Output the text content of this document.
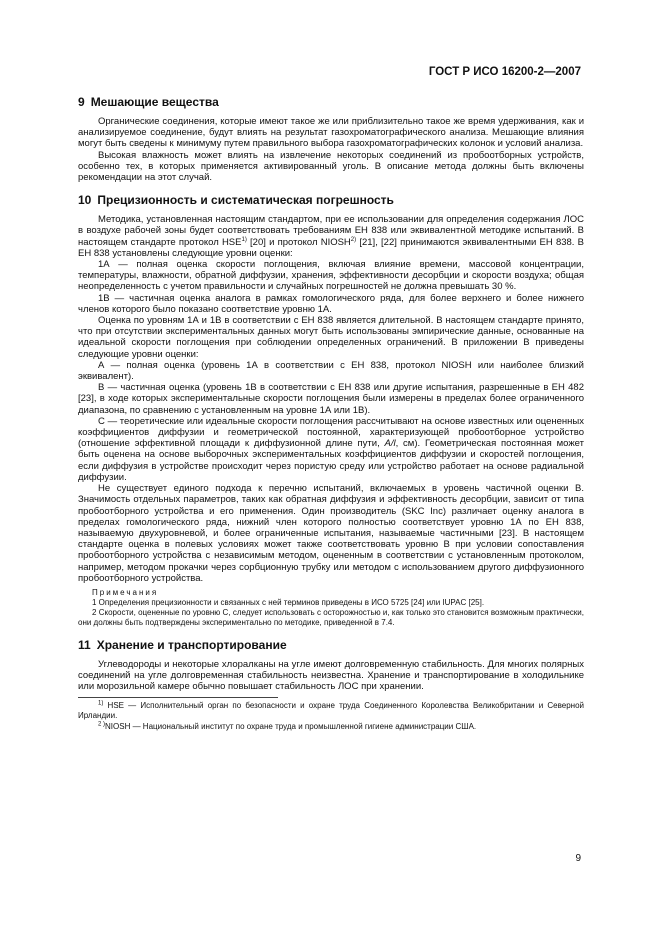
ГОСТ Р ИСО 16200-2—2007
9 Мешающие вещества

Органические соединения, которые имеют такое же или приблизительно такое же время удерживания, как и анализируемое соединение, будут влиять на результат газохроматографического анализа. Мешающие влияния могут быть сведены к минимуму путем правильного выбора газохроматографических колонок и условий анализа.

Высокая влажность может влиять на извлечение некоторых соединений из пробоотборных устройств, особенно тех, в которых применяется активированный уголь. В описание метода должны быть включены рекомендации на этот случай.

10 Прецизионность и систематическая погрешность

Методика, установленная настоящим стандартом, при ее использовании для определения содержания ЛОС в воздухе рабочей зоны будет соответствовать требованиям ЕН 838 или эквивалентной методике испытаний. В настоящем стандарте протокол HSE$^{1)}$ [20] и протокол NIOSH$^{2)}$ [21], [22] принимаются эквивалентными ЕН 838. В ЕН 838 установлены следующие уровни оценки:

1А — полная оценка скорости поглощения, включая влияние времени, массовой концентрации, температуры, влажности, обратной диффузии, хранения, эффективности десорбции и скорости воздуха; общая неопределенность с учетом правильности и случайных погрешностей не должна превышать 30 %.

1В — частичная оценка аналога в рамках гомологического ряда, для более верхнего и более нижнего членов которого было показано соответствие уровню 1А.

Оценка по уровням 1А и 1В в соответствии с ЕН 838 является длительной. В настоящем стандарте принято, что при отсутствии экспериментальных данных могут быть использованы эмпирические данные, основанные на идеальной скорости поглощения при соблюдении определенных ограничений. В приложении В приведены следующие уровни оценки:

А — полная оценка (уровень 1А в соответствии с ЕН 838, протокол NIOSH или наиболее близкий эквивалент).

В — частичная оценка (уровень 1В в соответствии с ЕН 838 или другие испытания, разрешенные в ЕН 482 [23], в ходе которых экспериментальные скорости поглощения были измерены в пределах более ограниченного диапазона, по сравнению с установленным на уровне 1А или 1В).

С — теоретические или идеальные скорости поглощения рассчитывают на основе известных или оцененных коэффициентов диффузии и геометрической постоянной, характеризующей пробоотборное устройство (отношение эффективной площади к диффузионной длине пути, A/l, см). Геометрическая постоянная может быть оценена на основе выборочных экспериментальных коэффициентов диффузии и скоростей поглощения, если диффузия в устройстве происходит через пористую среду или устройство работает на основе радиальной диффузии.

Не существует единого подхода к перечню испытаний, включаемых в уровень частичной оценки В. Значимость отдельных параметров, таких как обратная диффузия и эффективность десорбции, зависит от типа пробоотборного устройства и его применения. Один производитель (SKC Inc) различает оценку аналога в пределах гомологического ряда, нижний член которого полностью соответствует уровню 1А по ЕН 838, называемую двухуровневой, и более ограниченные испытания, называемые частичными [23]. В настоящем стандарте оценка в полевых условиях может также соответствовать уровню В при условии сопоставления пробоотборного устройства с независимым методом, оцененным в соответствии с установленным протоколом, например, методом прокачки через сорбционную трубку или методом с использованием другого диффузионного пробоотборного устройства.

Примечания

1 Определения прецизионности и связанных с ней терминов приведены в ИСО 5725 [24] или IUPAC [25].

2 Скорости, оцененные по уровню С, следует использовать с осторожностью и, как только это становится возможным практически, они должны быть подтверждены экспериментально по методике, приведенной в 7.4.

11 Хранение и транспортирование

Углеводороды и некоторые хлоралканы на угле имеют долговременную стабильность. Для многих полярных соединений на угле долговременная стабильность неизвестна. Хранение и транспортирование в холодильнике или морозильной камере обычно повышает стабильность ЛОС при хранении.

$^{1)}$ HSE — Исполнительный орган по безопасности и охране труда Соединенного Королевства Великобритании и Северной Ирландии.

$^{2 )}$NIOSH — Национальный институт по охране труда и промышленной гигиене администрации США.

9
